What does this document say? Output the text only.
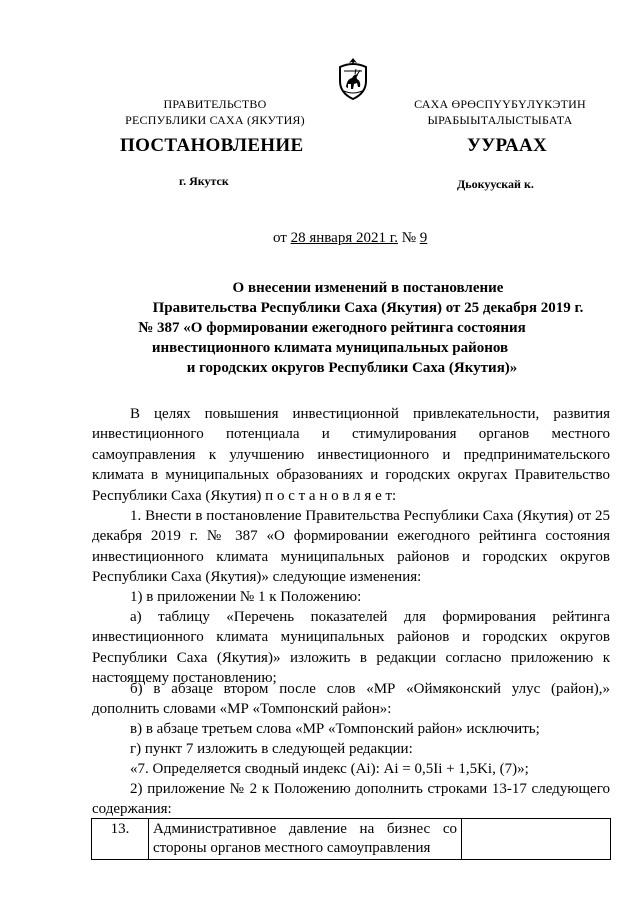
ПРАВИТЕЛЬСТВО
РЕСПУБЛИКИ САХА (ЯКУТИЯ)
САХА ӨРӨСПҮҮБҮЛҮКЭТИН
ЫРАБЫЫТАЛЫСТЫБАТА
ПОСТАНОВЛЕНИЕ	УУРААХ
г. Якутск	Дьокуускай к.
от 28 января 2021 г. № 9
О внесении изменений в постановление
Правительства Республики Саха (Якутия) от 25 декабря 2019 г.
№ 387 «О формировании ежегодного рейтинга состояния
инвестиционного климата муниципальных районов
и городских округов Республики Саха (Якутия)»
В целях повышения инвестиционной привлекательности, развития инвестиционного потенциала и стимулирования органов местного самоуправления к улучшению инвестиционного и предпринимательского климата в муниципальных образованиях и городских округах Правительство Республики Саха (Якутия) п о с т а н о в л я е т:
1. Внести в постановление Правительства Республики Саха (Якутия) от 25 декабря 2019 г. № 387 «О формировании ежегодного рейтинга состояния инвестиционного климата муниципальных районов и городских округов Республики Саха (Якутия)» следующие изменения:
1) в приложении № 1 к Положению:
а) таблицу «Перечень показателей для формирования рейтинга инвестиционного климата муниципальных районов и городских округов Республики Саха (Якутия)» изложить в редакции согласно приложению к настоящему постановлению;
б) в абзаце втором после слов «МР «Оймяконский улус (район),» дополнить словами «МР «Томпонский район»:
в) в абзаце третьем слова «МР «Томпонский район» исключить;
г) пункт 7 изложить в следующей редакции:
«7. Определяется сводный индекс (Ai): Ai = 0,5Ii + 1,5Ki, (7)»;
2) приложение № 2 к Положению дополнить строками 13-17 следующего содержания:
13.	Административное давление на бизнес со стороны органов местного самоуправления	
